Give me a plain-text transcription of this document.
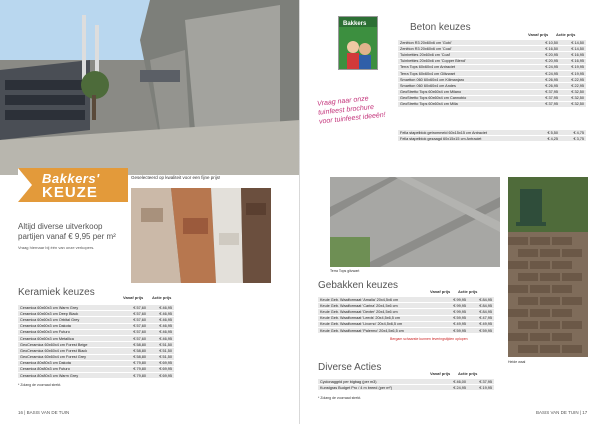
Bakkers'
KEUZE
Geselecteerd op kwaliteit voor een fijne prijs!
Altijd diverse uitverkoop partijen vanaf € 9,95 per m²
Vraag hiernaar bij één van onze verkopers.
Keramiek keuzes	Vanaf prijs Actie prijs
Ceramica 60x60x3 cm Warm Grey	€ 57,60	€ 46,95
Ceramica 60x60x3 cm Deep Black	€ 57,60	€ 46,95
Ceramica 60x60x3 cm Orbital Grey	€ 57,60	€ 46,95
Ceramica 60x60x3 cm Dakota	€ 57,60	€ 46,95
Ceramica 60x60x3 cm Futuro	€ 57,60	€ 46,95
Ceramica 60x60x3 cm Metallica	€ 57,60	€ 46,95
GeoCeramica 60x60x4 cm Forest Beige	€ 58,80	€ 51,50
GeoCeramica 60x60x4 cm Forest Black	€ 58,80	€ 51,50
GeoCeramica 60x60x4 cm Forest Grey	€ 58,80	€ 51,50
Ceramica 80x80x3 cm Dakota	€ 79,80	€ 69,95
Ceramica 80x80x3 cm Futuro	€ 79,80	€ 69,95
Ceramica 80x80x3 cm Warm Grey	€ 79,80	€ 69,95
* Zolang de voorraad strekt.
16 | BASIS VAN DE TUIN
Bakkers
Vraag naar onze tuinfeest brochure voor tuinfeest ideeën!
Beton keuzes
Vanaf prijs Actie prijs
Zenitton R3 20x60x6 cm 'Gobi'	€ 10,50	€ 14,50
Zenitton R3 20x60x6 cm 'Coal'	€ 16,50	€ 14,50
Tuinbetties 20x60x6 cm 'Coal'	€ 20,95	€ 16,95
Tuinbetties 20x60x6 cm 'Copper Blend'	€ 20,95	€ 16,95
Terra Tops 60x60x4 cm Antraciet	€ 24,95	€ 19,95
Terra Tops 60x60x4 cm Giltzwart	€ 24,95	€ 19,95
Smartton 060 60x60x4 cm Kilimanjaro	€ 26,95	€ 22,95
Smartton 060 60x60x4 cm Andes	€ 26,95	€ 22,95
GeoStretto Tops 60x60x4 cm Milano	€ 37,95	€ 32,50
GeoStretto Tops 60x60x4 cm Cannobio	€ 37,95	€ 32,50
GeoStretto Tops 60x60x4 cm Milia	€ 37,95	€ 32,50
Fella stapelblok getrommeld 60x15x15 cm Antraciet	€ 5,50	€ 4,75
Fella stapelblok gezaagd 60x15x15 cm Antraciet	€ 4,25	€ 3,75
Terra Tops gitzwart
Heide waal
Gebakken keuzes
Vanaf prijs Actie prijs
Keule Geb. Waalformaat 'Amalia' 20x4,5x6 cm	€ 99,95	€ 84,95
Keule Geb. Waalformaat 'Carina' 20x4,5x6 cm	€ 99,95	€ 84,95
Keule Geb. Waalformaat 'Dexter' 20x4,5x6 cm	€ 99,95	€ 84,95
Keule Geb. Waalformaat 'Leeds' 20x4,5x6,5 cm	€ 59,95	€ 47,95
Keule Geb. Waalformaat 'Livorno' 20x4,5x6,5 cm	€ 49,95	€ 49,95
Keule Geb. Waalformaat 'Palermo' 20x4,5x6,5 cm	€ 59,95	€ 59,95
Bergam schaarste kunnen leveringstijden oplopen
Diverse Acties
Vanaf prijs Actie prijs
Cyclonaggrid per bigbag (per m3)	€ 46,00	€ 37,95
Kunstgras Budget Pro / 4 m breed (per m²)	€ 24,95	€ 19,95
* Zolang de voorraad strekt.
BASIS VAN DE TUIN | 17
